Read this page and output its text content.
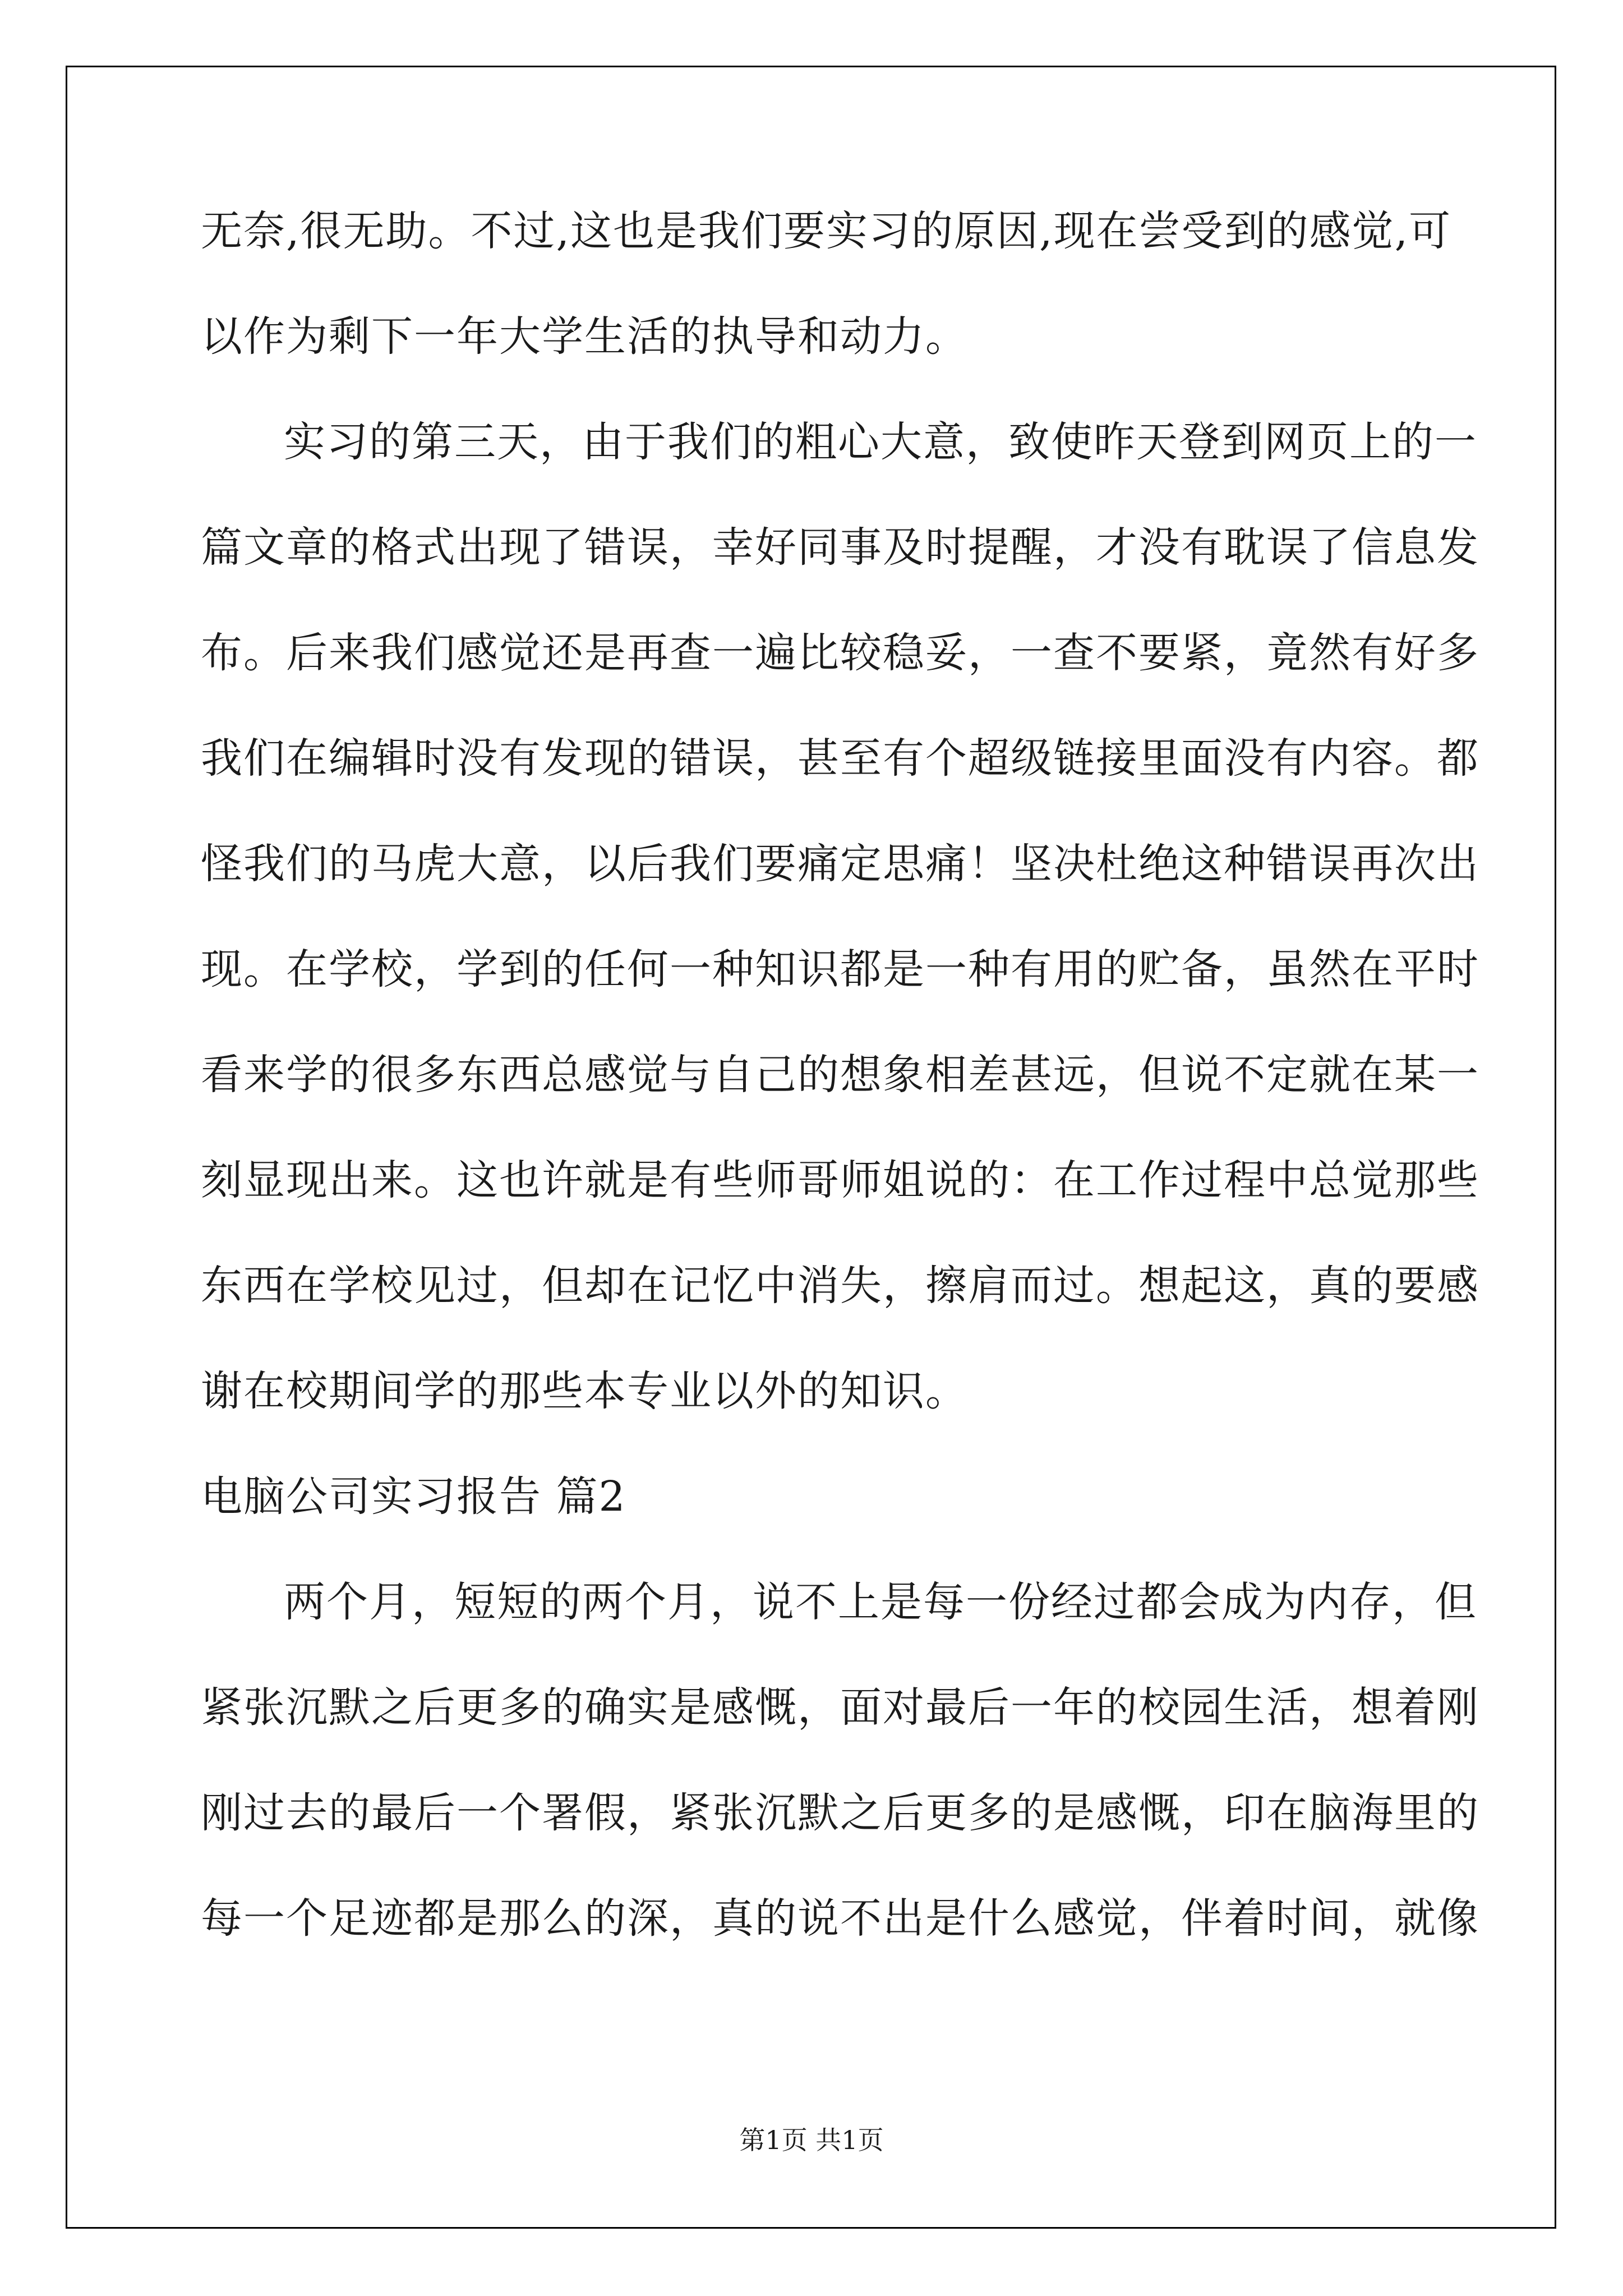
无奈,很无助。不过,这也是我们要实习的原因,现在尝受到的感觉,可
以作为剩下一年大学生活的执导和动力。
实习的第三天，由于我们的粗心大意，致使昨天登到网页上的一
篇文章的格式出现了错误，幸好同事及时提醒，才没有耽误了信息发
布。后来我们感觉还是再查一遍比较稳妥，一查不要紧，竟然有好多
我们在编辑时没有发现的错误，甚至有个超级链接里面没有内容。都
怪我们的马虎大意，以后我们要痛定思痛！坚决杜绝这种错误再次出
现。在学校，学到的任何一种知识都是一种有用的贮备，虽然在平时
看来学的很多东西总感觉与自己的想象相差甚远，但说不定就在某一
刻显现出来。这也许就是有些师哥师姐说的：在工作过程中总觉那些
东西在学校见过，但却在记忆中消失，擦肩而过。想起这，真的要感
谢在校期间学的那些本专业以外的知识。
电脑公司实习报告 篇2
两个月，短短的两个月，说不上是每一份经过都会成为内存，但
紧张沉默之后更多的确实是感慨，面对最后一年的校园生活，想着刚
刚过去的最后一个署假，紧张沉默之后更多的是感慨，印在脑海里的
每一个足迹都是那么的深，真的说不出是什么感觉，伴着时间，就像
第1页 共1页
